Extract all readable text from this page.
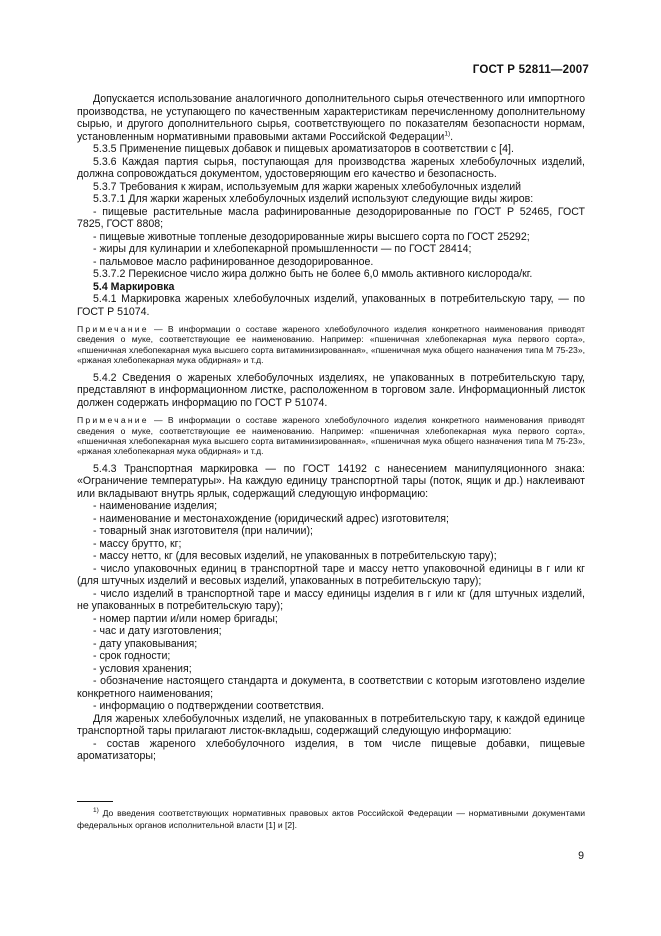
ГОСТ Р 52811—2007

Допускается использование аналогичного дополнительного сырья отечественного или импортного производства, не уступающего по качественным характеристикам перечисленному дополнительному сырью, и другого дополнительного сырья, соответствующего по показателям безопасности нормам, установленным нормативными правовыми актами Российской Федерации$^{1)}$.

5.3.5 Применение пищевых добавок и пищевых ароматизаторов в соответствии с [4].

5.3.6 Каждая партия сырья, поступающая для производства жареных хлебобулочных изделий, должна сопровождаться документом, удостоверяющим его качество и безопасность.

5.3.7 Требования к жирам, используемым для жарки жареных хлебобулочных изделий

5.3.7.1 Для жарки жареных хлебобулочных изделий используют следующие виды жиров:

- пищевые растительные масла рафинированные дезодорированные по ГОСТ Р 52465, ГОСТ 7825, ГОСТ 8808;

- пищевые животные топленые дезодорированные жиры высшего сорта по ГОСТ 25292;

- жиры для кулинарии и хлебопекарной промышленности — по ГОСТ 28414;

- пальмовое масло рафинированное дезодорированное.

5.3.7.2 Перекисное число жира должно быть не более 6,0 ммоль активного кислорода/кг.

5.4 Маркировка

5.4.1 Маркировка жареных хлебобулочных изделий, упакованных в потребительскую тару, — по ГОСТ Р 51074.

Примечание — В информации о составе жареного хлебобулочного изделия конкретного наименования приводят сведения о муке, соответствующие ее наименованию. Например: «пшеничная хлебопекарная мука первого сорта», «пшеничная хлебопекарная мука высшего сорта витаминизированная», «пшеничная мука общего назначения типа М 75-23», «ржаная хлебопекарная мука обдирная» и т.д.

5.4.2 Сведения о жареных хлебобулочных изделиях, не упакованных в потребительскую тару, представляют в информационном листке, расположенном в торговом зале. Информационный листок должен содержать информацию по ГОСТ Р 51074.

Примечание — В информации о составе жареного хлебобулочного изделия конкретного наименования приводят сведения о муке, соответствующие ее наименованию. Например: «пшеничная хлебопекарная мука первого сорта», «пшеничная хлебопекарная мука высшего сорта витаминизированная», «пшеничная мука общего назначения типа М 75-23», «ржаная хлебопекарная мука обдирная» и т.д.

5.4.3 Транспортная маркировка — по ГОСТ 14192 с нанесением манипуляционного знака: «Ограничение температуры». На каждую единицу транспортной тары (поток, ящик и др.) наклеивают или вкладывают внутрь ярлык, содержащий следующую информацию:

- наименование изделия;

- наименование и местонахождение (юридический адрес) изготовителя;

- товарный знак изготовителя (при наличии);

- массу брутто, кг;

- массу нетто, кг (для весовых изделий, не упакованных в потребительскую тару);

- число упаковочных единиц в транспортной таре и массу нетто упаковочной единицы в г или кг (для штучных изделий и весовых изделий, упакованных в потребительскую тару);

- число изделий в транспортной таре и массу единицы изделия в г или кг (для штучных изделий, не упакованных в потребительскую тару);

- номер партии и/или номер бригады;

- час и дату изготовления;

- дату упаковывания;

- срок годности;

- условия хранения;

- обозначение настоящего стандарта и документа, в соответствии с которым изготовлено изделие конкретного наименования;

- информацию о подтверждении соответствия.

Для жареных хлебобулочных изделий, не упакованных в потребительскую тару, к каждой единице транспортной тары прилагают листок-вкладыш, содержащий следующую информацию:

- состав жареного хлебобулочного изделия, в том числе пищевые добавки, пищевые ароматизаторы;

$^{1)}$ До введения соответствующих нормативных правовых актов Российской Федерации — нормативными документами федеральных органов исполнительной власти [1] и [2].
9
